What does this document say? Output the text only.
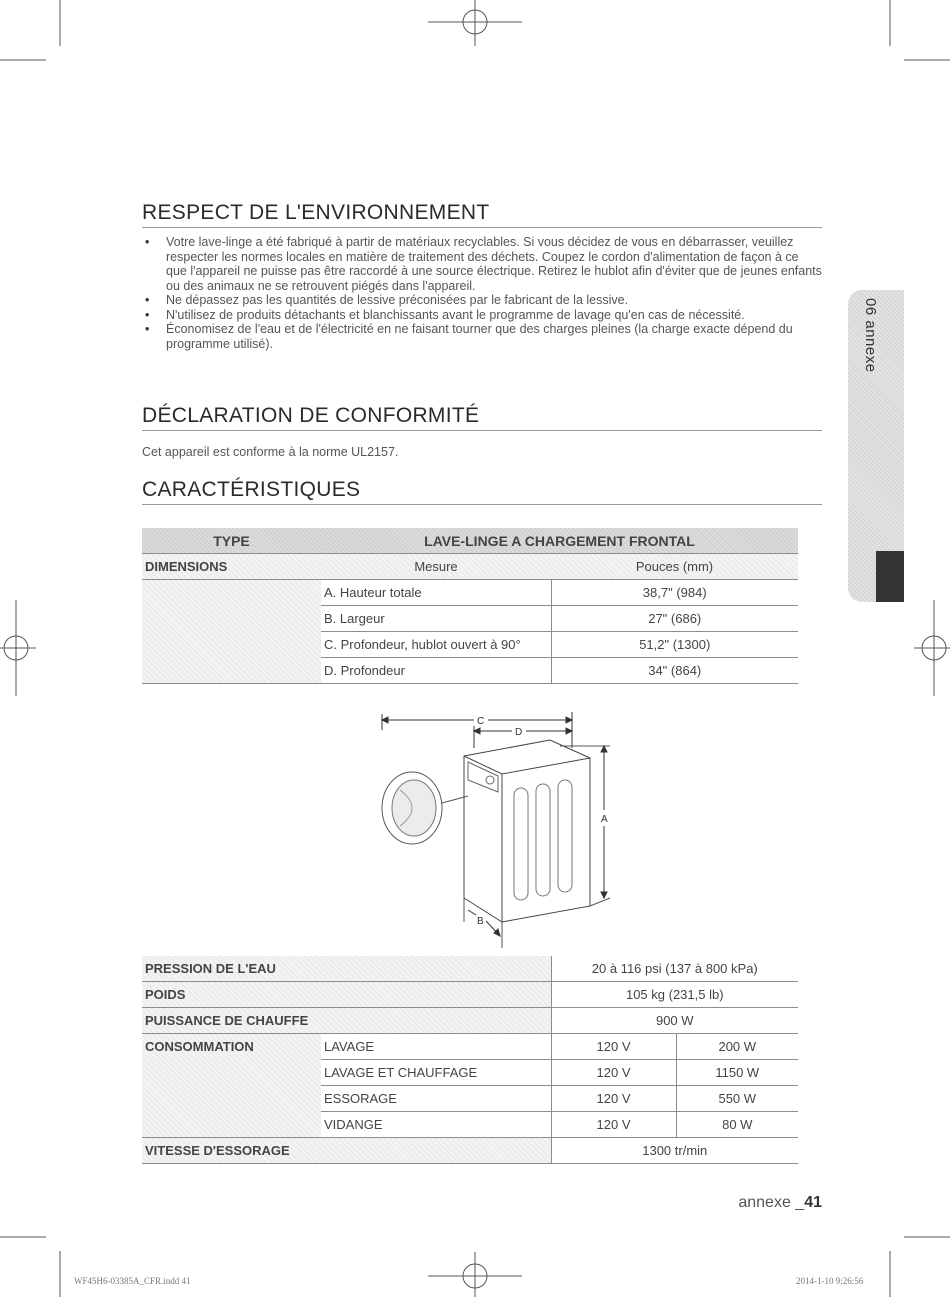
06 annexe
RESPECT DE L'ENVIRONNEMENT
• Votre lave-linge a été fabriqué à partir de matériaux recyclables. Si vous décidez de vous en débarrasser, veuillez respecter les normes locales en matière de traitement des déchets. Coupez le cordon d'alimentation de façon à ce que l'appareil ne puisse pas être raccordé à une source électrique. Retirez le hublot afin d'éviter que de jeunes enfants ou des animaux ne se retrouvent piégés dans l'appareil.
• Ne dépassez pas les quantités de lessive préconisées par le fabricant de la lessive.
• N'utilisez de produits détachants et blanchissants avant le programme de lavage qu'en cas de nécessité.
• Économisez de l'eau et de l'électricité en ne faisant tourner que des charges pleines (la charge exacte dépend du programme utilisé).
DÉCLARATION DE CONFORMITÉ

Cet appareil est conforme à la norme UL2157.

CARACTÉRISTIQUES
TYPE	LAVE-LINGE A CHARGEMENT FRONTAL	
DIMENSIONS	Mesure	Pouces (mm)
	A. Hauteur totale	38,7" (984)
	B. Largeur	27" (686)
	C. Profondeur, hublot ouvert à 90°	51,2" (1300)
	D. Profondeur	34" (864)
C
D
A
B
PRESSION DE L'EAU		20 à 116 psi (137 à 800 kPa)	
POIDS		105 kg (231,5 lb)	
PUISSANCE DE CHAUFFE		900 W	
CONSOMMATION	LAVAGE	120 V	200 W
	LAVAGE ET CHAUFFAGE	120 V	1150 W
	ESSORAGE	120 V	550 W
	VIDANGE	120 V	80 W
VITESSE D'ESSORAGE		1300 tr/min	
annexe _41
WF45H6-03385A_CFR.indd 41	2014-1-10 9:26:56
